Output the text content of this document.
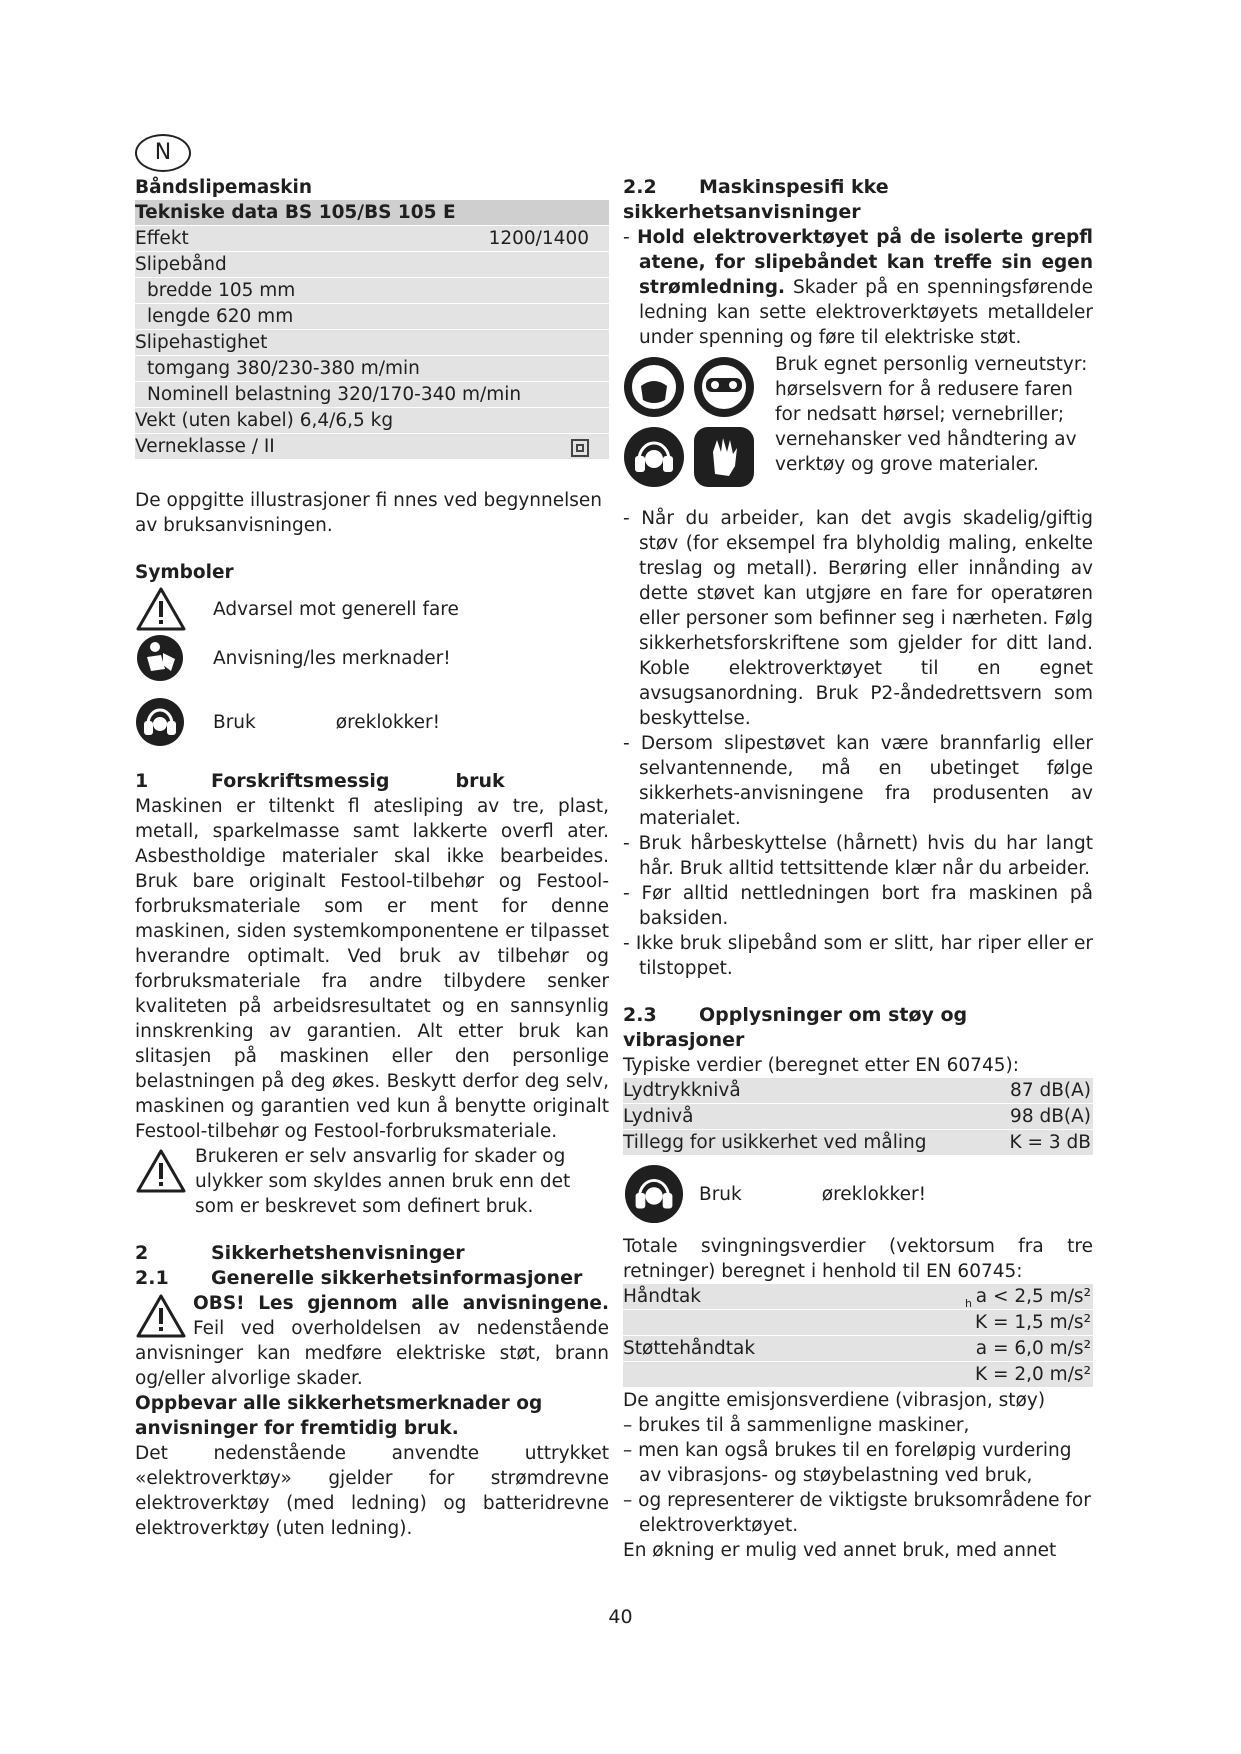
N

Båndslipemaskin

Tekniske data BS 105/BS 105 E
Effekt	1200/1400
Slipebånd
bredde 105 mm
lengde 620 mm
Slipehastighet
tomgang 380/230-380 m/min
Nominell belastning 320/170-340 m/min
Vekt (uten kabel) 6,4/6,5 kg
Verneklasse / II

De oppgitte illustrasjoner fi nnes ved begynnelsen av bruksanvisningen.

Symboler

Advarsel mot generell fare
Anvisning/les merknader!
Bruk	øreklokker!

1	Forskriftsmessig	bruk

Maskinen er tiltenkt fl atesliping av tre, plast, metall, sparkelmasse samt lakkerte overfl ater. Asbestholdige materialer skal ikke bearbeides. Bruk bare originalt Festool-tilbehør og Festool-forbruksmateriale som er ment for denne maskinen, siden systemkomponentene er tilpasset hverandre optimalt. Ved bruk av tilbehør og forbruksmateriale fra andre tilbydere senker kvaliteten på arbeidsresultatet og en sannsynlig innskrenking av garantien. Alt etter bruk kan slitasjen på maskinen eller den personlige belastningen på deg økes. Beskytt derfor deg selv, maskinen og garantien ved kun å benytte originalt Festool-tilbehør og Festool-forbruksmateriale.

Brukeren er selv ansvarlig for skader og ulykker som skyldes annen bruk enn det som er beskrevet som definert bruk.

2	Sikkerhetshenvisninger

2.1 Generelle sikkerhetsinformasjoner

OBS! Les gjennom alle anvisningene. Feil ved overholdelsen av nedenstående anvisninger kan medføre elektriske støt, brann og/eller alvorlige skader.

Oppbevar alle sikkerhetsmerknader og anvisninger for fremtidig bruk.

Det nedenstående anvendte uttrykket «elektroverktøy» gjelder for strømdrevne elektroverktøy (med ledning) og batteridrevne elektroverktøy (uten ledning).

2.2 Maskinspesifi kke sikkerhetsanvisninger

- Hold elektroverktøyet på de isolerte grepfl atene, for slipebåndet kan treffe sin egen strømledning. Skader på en spenningsførende ledning kan sette elektroverktøyets metalldeler under spenning og føre til elektriske støt.

Bruk egnet personlig verneutstyr: hørselsvern for å redusere faren for nedsatt hørsel; vernebriller; vernehansker ved håndtering av verktøy og grove materialer.

- Når du arbeider, kan det avgis skadelig/giftig støv (for eksempel fra blyholdig maling, enkelte treslag og metall). Berøring eller innånding av dette støvet kan utgjøre en fare for operatøren eller personer som befinner seg i nærheten. Følg sikkerhetsforskriftene som gjelder for ditt land. Koble elektroverktøyet til en egnet avsugsanordning. Bruk P2-åndedrettsvern som beskyttelse.

- Dersom slipestøvet kan være brannfarlig eller selvantennende, må en ubetinget følge sikkerhets-anvisningene fra produsenten av materialet.

- Bruk hårbeskyttelse (hårnett) hvis du har langt hår. Bruk alltid tettsittende klær når du arbeider.

- Før alltid nettledningen bort fra maskinen på baksiden.

- Ikke bruk slipebånd som er slitt, har riper eller er tilstoppet.

2.3 Opplysninger om støy og vibrasjoner

Typiske verdier (beregnet etter EN 60745):

Lydtrykknivå	87 dB(A)
Lydnivå	98 dB(A)
Tillegg for usikkerhet ved måling	K = 3 dB
Bruk	øreklokker!

Totale svingningsverdier (vektorsum fra tre retninger) beregnet i henhold til EN 60745:

Håndtak	a < 2,5 m/s²
K = 1,5 m/s²
Støttehåndtak	a = 6,0 m/s²
K = 2,0 m/s²
h

De angitte emisjonsverdiene (vibrasjon, støy)

– brukes til å sammenligne maskiner,

– men kan også brukes til en foreløpig vurdering av vibrasjons- og støybelastning ved bruk,

– og representerer de viktigste bruksområdene for elektroverktøyet.

En økning er mulig ved annet bruk, med annet

40
